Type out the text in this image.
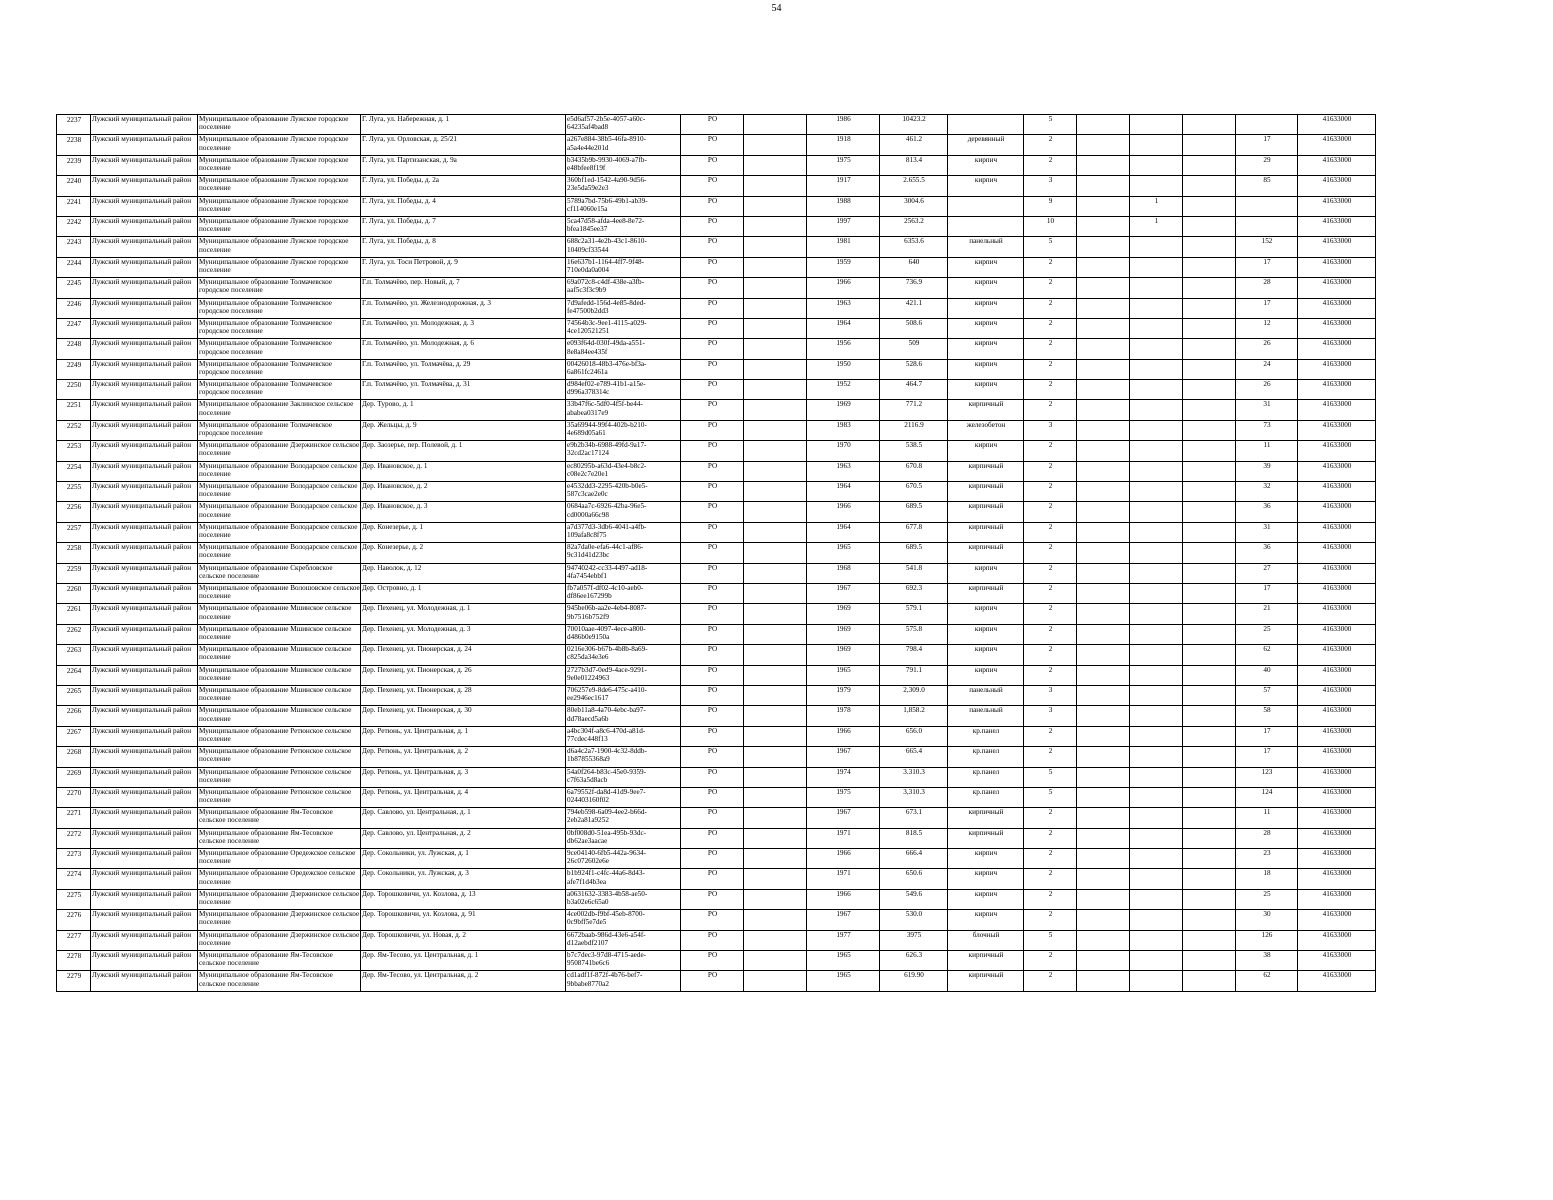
54
2237	Лужский муниципальный район	Муниципальное образование Лужское городское поселение	Г. Луга, ул. Набережная, д. 1	e5d6af57-2b5e-4057-a60c-64235af4bad8	РО		1986	10423.2		5					41633000
2238	Лужский муниципальный район	Муниципальное образование Лужское городское поселение	Г. Луга, ул. Орловская, д. 25/21	a267e884-38b5-46fa-8910-a5a4e44e201d	РО		1918	461.2	деревянный	2				17	41633000
2239	Лужский муниципальный район	Муниципальное образование Лужское городское поселение	Г. Луга, ул. Партизанская, д. 9а	b3435b9b-9930-4069-a7fb-e48bfee8f19f	РО		1975	813.4	кирпич	2				29	41633000
2240	Лужский муниципальный район	Муниципальное образование Лужское городское поселение	Г. Луга, ул. Победы, д. 2а	360bf1ed-1542-4a90-9d56-23e5da59e2e3	РО		1917	2.655.5	кирпич	3				85	41633000
2241	Лужский муниципальный район	Муниципальное образование Лужское городское поселение	Г. Луга, ул. Победы, д. 4	5789a7bd-75b6-49b1-ab39-cf114060e15a	РО		1988	3004.6		9		1			41633000
2242	Лужский муниципальный район	Муниципальное образование Лужское городское поселение	Г. Луга, ул. Победы, д. 7	5ca47d58-afda-4ee8-8e72-bfea1845ee37	РО		1997	2563.2		10		1			41633000
2243	Лужский муниципальный район	Муниципальное образование Лужское городское поселение	Г. Луга, ул. Победы, д. 8	688c2a31-4e2b-43c1-8610-10409cf33544	РО		1981	6353.6	панельный	5				152	41633000
2244	Лужский муниципальный район	Муниципальное образование Лужское городское поселение	Г. Луга, ул. Тоси Петровой, д. 9	16e637b1-1164-4ff7-9f48-710e0da0a004	РО		1959	640	кирпич	2				17	41633000
2245	Лужский муниципальный район	Муниципальное образование Толмачевское городское поселение	Г.п. Толмачёво, пер. Новый, д. 7	69a072c8-c4df-438e-a3fb-aaf5c3f3c9b9	РО		1966	736.9	кирпич	2				28	41633000
2246	Лужский муниципальный район	Муниципальное образование Толмачевское городское поселение	Г.п. Толмачёво, ул. Железнодорожная, д. 3	7d9afedd-156d-4e85-8ded-fe47500b2dd3	РО		1963	421.1	кирпич	2				17	41633000
2247	Лужский муниципальный район	Муниципальное образование Толмачевское городское поселение	Г.п. Толмачёво, ул. Молодежная, д. 3	74564b3c-9ee1-4115-a029-4ce120521251	РО		1964	508.6	кирпич	2				12	41633000
2248	Лужский муниципальный район	Муниципальное образование Толмачевское городское поселение	Г.п. Толмачёво, ул. Молодежная, д. 6	e093f64d-030f-49da-a551-8e8a84ee435f	РО		1956	509	кирпич	2				26	41633000
2249	Лужский муниципальный район	Муниципальное образование Толмачевское городское поселение	Г.п. Толмачёво, ул. Толмачёва, д. 29	00426018-48b3-476e-bf3a-6a861fc2461a	РО		1950	528.6	кирпич	2				24	41633000
2250	Лужский муниципальный район	Муниципальное образование Толмачевское городское поселение	Г.п. Толмачёво, ул. Толмачёва, д. 31	d984ef02-e789-41b1-a15e-d996a378314c	РО		1952	464.7	кирпич	2				26	41633000
2251	Лужский муниципальный район	Муниципальное образование Заклинское сельское поселение	Дер. Турово, д. 1	33b47f6c-5df0-4f5f-be44-ababea0317e9	РО		1969	771.2	кирпичный	2				31	41633000
2252	Лужский муниципальный район	Муниципальное образование Толмачевское городское поселение	Дер. Жельцы, д. 9	35a69944-99f4-402b-b210-4e689d05a61	РО		1983	2116.9	железобетон	3				73	41633000
2253	Лужский муниципальный район	Муниципальное образование Дзержинское сельское поселение	Дер. Заозерье, пер. Полевой, д. 1	e9b2b34b-6988-49fd-9a17-32cd2ac17124	РО		1970	538.5	кирпич	2				11	41633000
2254	Лужский муниципальный район	Муниципальное образование Володарское сельское поселение	Дер. Ивановское, д. 1	ec80295b-a63d-43e4-b8c2-c08e2c7e20e1	РО		1963	670.8	кирпичный	2				39	41633000
2255	Лужский муниципальный район	Муниципальное образование Володарское сельское поселение	Дер. Ивановское, д. 2	e4532dd3-2295-420b-b0e5-587c3cae2e0c	РО		1964	670.5	кирпичный	2				32	41633000
2256	Лужский муниципальный район	Муниципальное образование Володарское сельское поселение	Дер. Ивановское, д. 3	0684aa7c-6926-42ba-96e5-cd0000a66c98	РО		1966	689.5	кирпичный	2				36	41633000
2257	Лужский муниципальный район	Муниципальное образование Володарское сельское поселение	Дер. Конезерье, д. 1	a7d377d3-3db6-4041-a4fb-109afa8c8f75	РО		1964	677.8	кирпичный	2				31	41633000
2258	Лужский муниципальный район	Муниципальное образование Володарское сельское поселение	Дер. Конезерье, д. 2	82a7da0e-efa6-44c1-af86-9c31d41d23bc	РО		1965	689.5	кирпичный	2				36	41633000
2259	Лужский муниципальный район	Муниципальное образование Скребловское сельское поселение	Дер. Наволок, д. 12	94740242-cc33-4497-ad18-4fa7454ebbf1	РО		1968	541.8	кирпич	2				27	41633000
2260	Лужский муниципальный район	Муниципальное образование Волошовское сельское поселение	Дер. Островно, д. 1	fb7a057f-df02-4c10-aeb0-df86ee167299b	РО		1967	692.3	кирпичный	2				17	41633000
2261	Лужский муниципальный район	Муниципальное образование Мшинское сельское поселение	Дер. Пехенец, ул. Молодежная, д. 1	945be06b-aa2e-4eb4-8087-9b7516b752f9	РО		1969	579.1	кирпич	2				21	41633000
2262	Лужский муниципальный район	Муниципальное образование Мшинское сельское поселение	Дер. Пехенец, ул. Молодежная, д. 3	70010aae-4097-4ece-a800-d486b0e9150a	РО		1969	575.8	кирпич	2				25	41633000
2263	Лужский муниципальный район	Муниципальное образование Мшинское сельское поселение	Дер. Пехенец, ул. Пионерская, д. 24	0216e306-b67b-4b8b-8a69-c825da34e3e6	РО		1969	798.4	кирпич	2				62	41633000
2264	Лужский муниципальный район	Муниципальное образование Мшинское сельское поселение	Дер. Пехенец, ул. Пионерская, д. 26	2727b3d7-0ed9-4ace-9291-9e0e01224963	РО		1965	791.1	кирпич	2				40	41633000
2265	Лужский муниципальный район	Муниципальное образование Мшинское сельское поселение	Дер. Пехенец, ул. Пионерская, д. 28	706257e9-8de6-475c-a410-ee2946ec1617	РО		1979	2,309.0	панельный	3				57	41633000
2266	Лужский муниципальный район	Муниципальное образование Мшинское сельское поселение	Дер. Пехенец, ул. Пионерская, д. 30	80eb11a8-4a70-4ebc-ba97-dd78aecd5a6b	РО		1978	1,858.2	панельный	3				58	41633000
2267	Лужский муниципальный район	Муниципальное образование Ретюнское сельское поселение	Дер. Ретюнь, ул. Центральная, д. 1	a4bc304f-a8c6-470d-a81d-77cdec448f13	РО		1966	656.0	кр.панел	2				17	41633000
2268	Лужский муниципальный район	Муниципальное образование Ретюнское сельское поселение	Дер. Ретюнь, ул. Центральная, д. 2	d6a4c2a7-1900-4c32-8ddb-1b87855368a9	РО		1967	665.4	кр.панел	2				17	41633000
2269	Лужский муниципальный район	Муниципальное образование Ретюнское сельское поселение	Дер. Ретюнь, ул. Центральная, д. 3	54a0f264-b83c-45e0-9359-c7f63a5d8acb	РО		1974	3.310.3	кр.панел	5				123	41633000
2270	Лужский муниципальный район	Муниципальное образование Ретюнское сельское поселение	Дер. Ретюнь, ул. Центральная, д. 4	6a79552f-da8d-41d9-9ee7-024403160f02	РО		1975	3,310.3	кр.панел	5				124	41633000
2271	Лужский муниципальный район	Муниципальное образование Ям-Тесовское сельское поселение	Дер. Савлово, ул. Центральная, д. 1	794eb598-6a09-4ee2-b66d-2eb2a81a9252	РО		1967	673.1	кирпичный	2				11	41633000
2272	Лужский муниципальный район	Муниципальное образование Ям-Тесовское сельское поселение	Дер. Савлово, ул. Центральная, д. 2	0bf008d0-51ea-495b-93dc-db62ae3aacae	РО		1971	818.5	кирпичный	2				28	41633000
2273	Лужский муниципальный район	Муниципальное образование Оредежское сельское поселение	Дер. Сокольники, ул. Лужская, д. 1	9ce04140-6fb5-442a-9634-26c072602e6e	РО		1966	666.4	кирпич	2				23	41633000
2274	Лужский муниципальный район	Муниципальное образование Оредежское сельское поселение	Дер. Сокольники, ул. Лужская, д. 3	b1b924f1-c4fc-44a6-8d43-afe7f1d4b3ea	РО		1971	650.6	кирпич	2				18	41633000
2275	Лужский муниципальный район	Муниципальное образование Дзержинское сельское поселение	Дер. Торошковичи, ул. Козлова, д. 13	a0631632-3383-4b58-ae50-b3a02e6c65a0	РО		1966	549.6	кирпич	2				25	41633000
2276	Лужский муниципальный район	Муниципальное образование Дзержинское сельское поселение	Дер. Торошковичи, ул. Козлова, д. 91	4ce002db-f9bf-45eb-8700-0c9bff5e7de5	РО		1967	530.0	кирпич	2				30	41633000
2277	Лужский муниципальный район	Муниципальное образование Дзержинское сельское поселение	Дер. Торошковичи, ул. Новая, д. 2	6672baab-986d-43e6-a54f-d12aebdf2107	РО		1977	3975	блочный	5				126	41633000
2278	Лужский муниципальный район	Муниципальное образование Ям-Тесовское сельское поселение	Дер. Ям-Тесово, ул. Центральная, д. 1	b7c7dec3-97d8-4715-aede-9508741be6c6	РО		1965	626.3	кирпичный	2				38	41633000
2279	Лужский муниципальный район	Муниципальное образование Ям-Тесовское сельское поселение	Дер. Ям-Тесово, ул. Центральная, д. 2	cd1adf1f-872f-4b76-bef7-9bbabe8770a2	РО		1965	619.90	кирпичный	2				62	41633000
